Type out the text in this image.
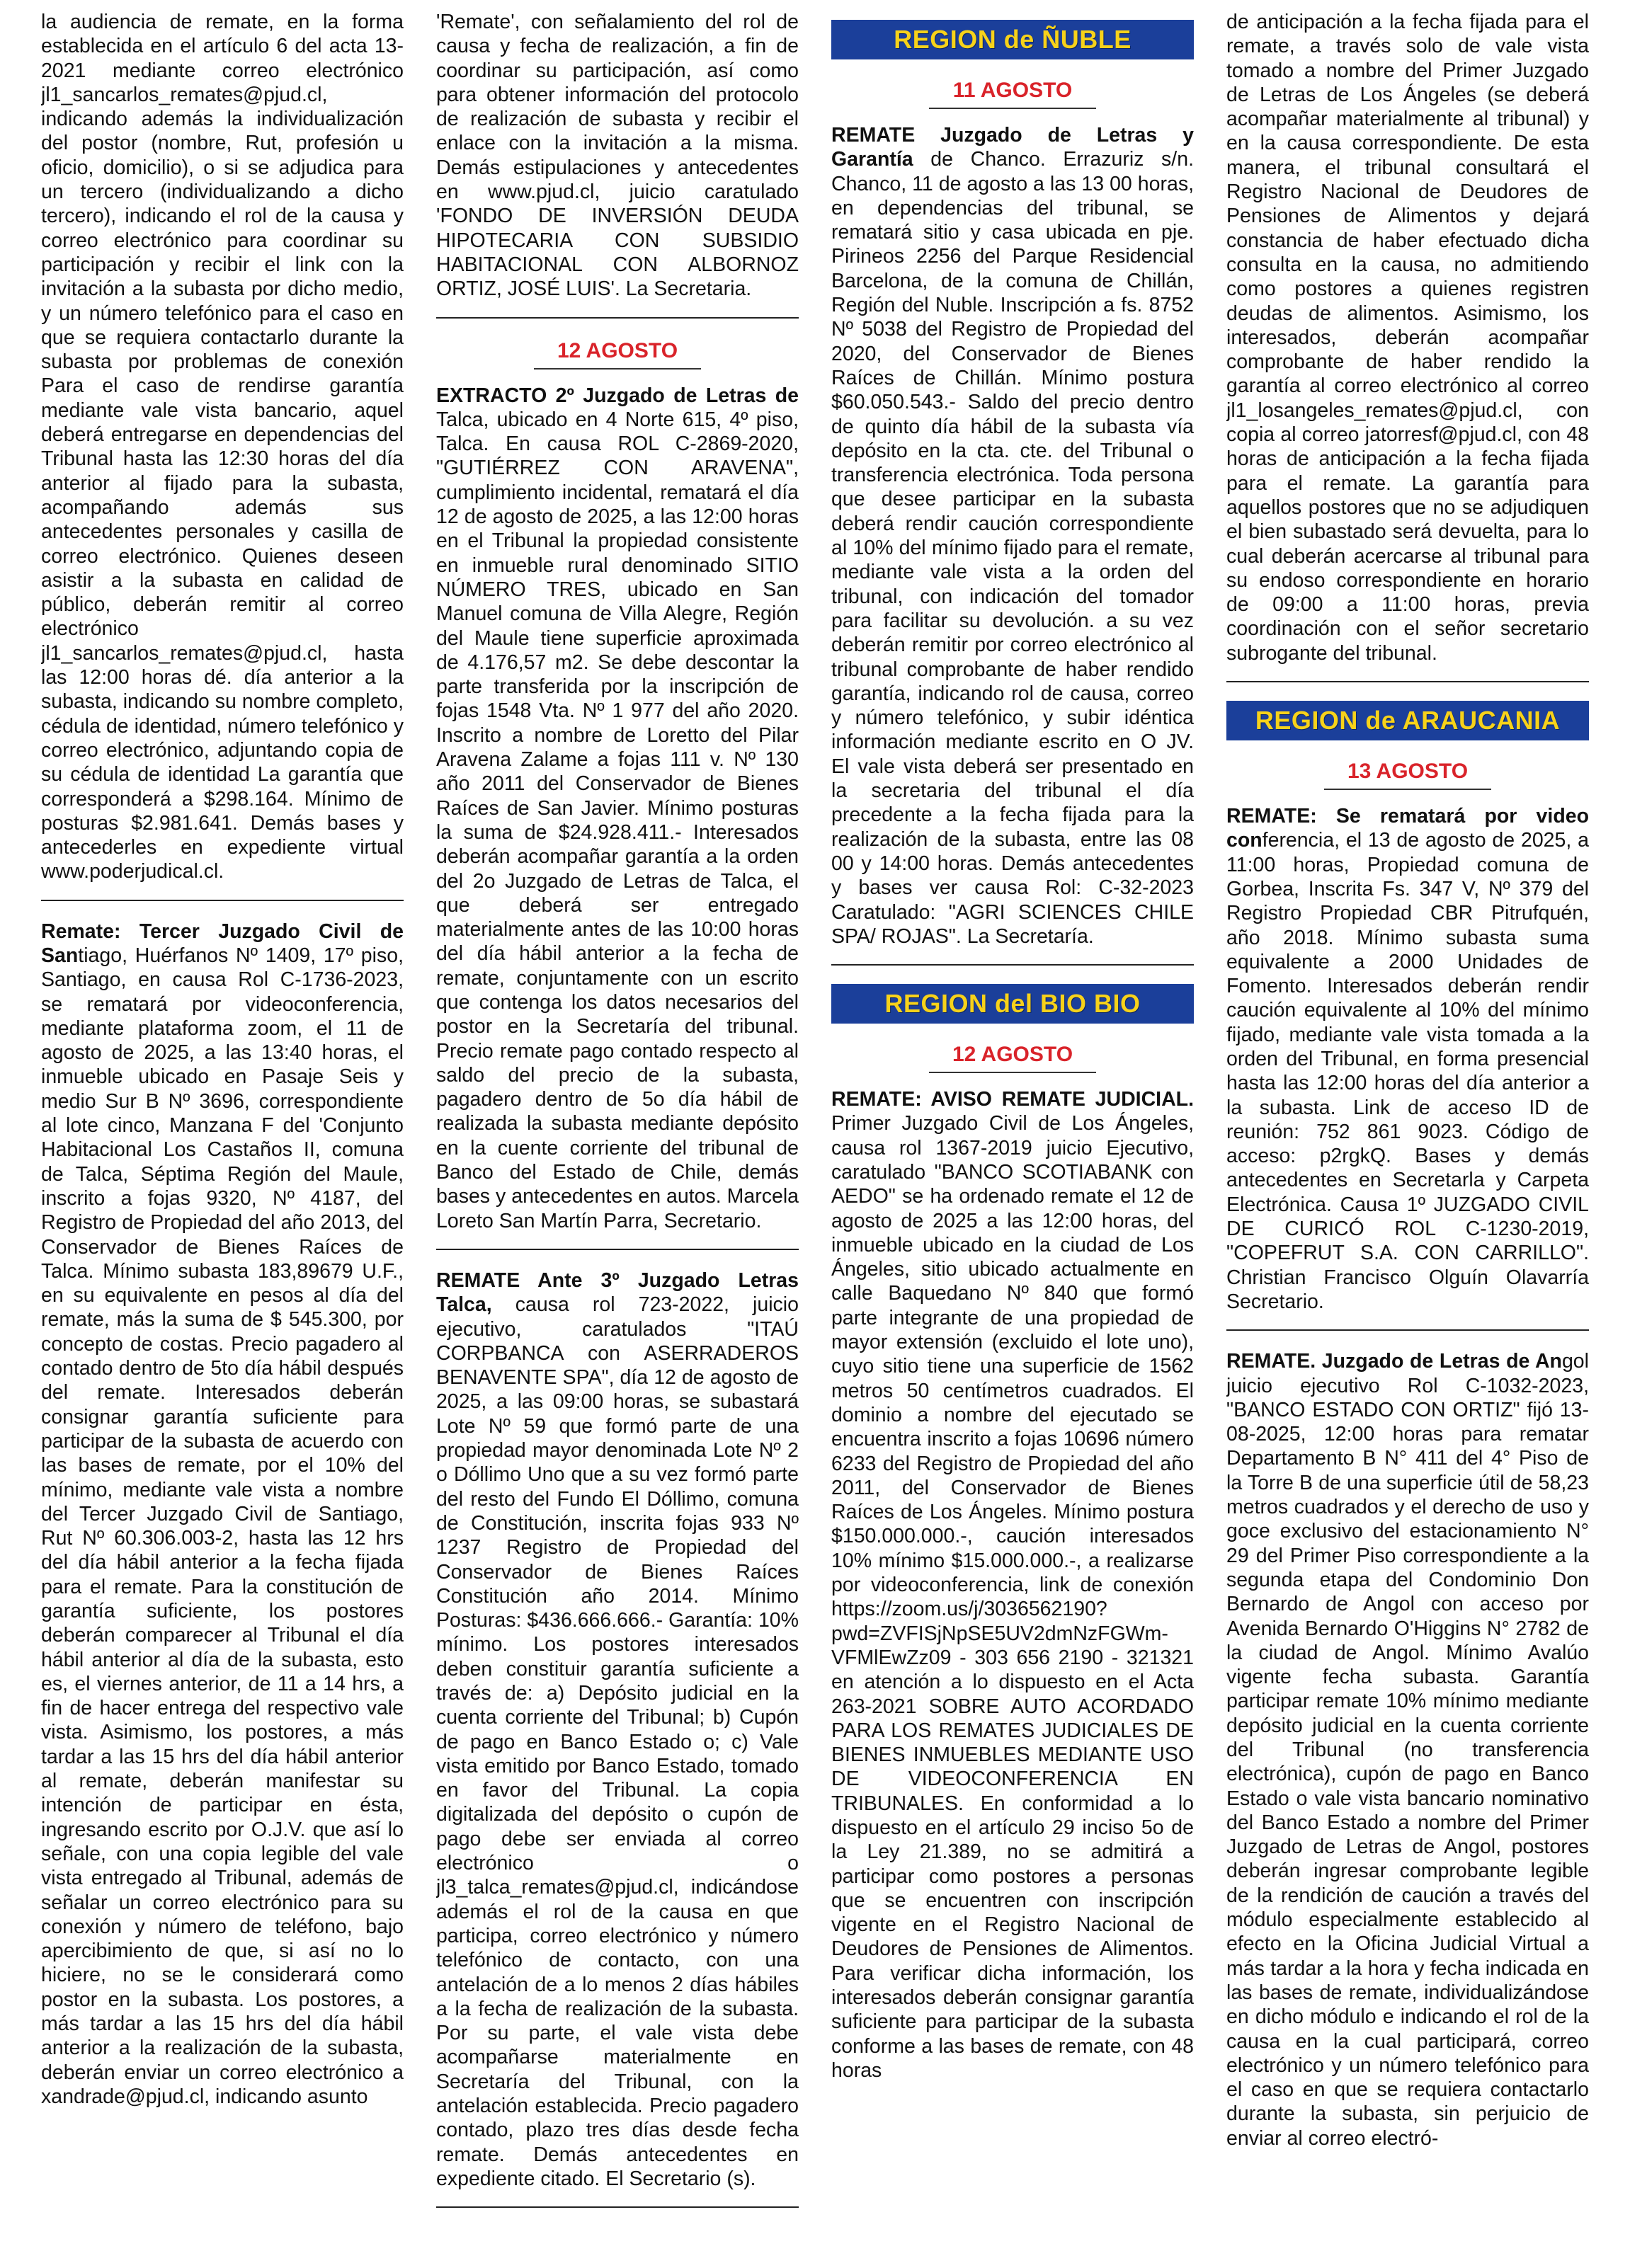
la audiencia de remate, en la forma establecida en el artículo 6 del acta 13-2021 mediante correo electrónico jl1_sancarlos_remates@pjud.cl, indicando además la individualización del postor (nombre, Rut, profesión u oficio, domicilio), o si se adjudica para un tercero (individualizando a dicho tercero), indicando el rol de la causa y correo electrónico para coordinar su participación y recibir el link con la invitación a la subasta por dicho medio, y un número telefónico para el caso en que se requiera contactarlo durante la subasta por problemas de conexión Para el caso de rendirse garantía mediante vale vista bancario, aquel deberá entregarse en dependencias del Tribunal hasta las 12:30 horas del día anterior al fijado para la subasta, acompañando además sus antecedentes personales y casilla de correo electrónico. Quienes deseen asistir a la subasta en calidad de público, deberán remitir al correo electrónico jl1_sancarlos_remates@pjud.cl, hasta las 12:00 horas dé. día anterior a la subasta, indicando su nombre completo, cédula de identidad, número telefónico y correo electrónico, adjuntando copia de su cédula de identidad La garantía que corresponderá a $298.164. Mínimo de posturas $2.981.641. Demás bases y antecederles en expediente virtual www.poderjudical.cl.

Remate: Tercer Juzgado Civil de Santiago, Huérfanos Nº 1409, 17º piso, Santiago, en causa Rol C-1736-2023, se rematará por videoconferencia, mediante plataforma zoom, el 11 de agosto de 2025, a las 13:40 horas, el inmueble ubicado en Pasaje Seis y medio Sur B Nº 3696, correspondiente al lote cinco, Manzana F del 'Conjunto Habitacional Los Castaños II, comuna de Talca, Séptima Región del Maule, inscrito a fojas 9320, Nº 4187, del Registro de Propiedad del año 2013, del Conservador de Bienes Raíces de Talca. Mínimo subasta 183,89679 U.F., en su equivalente en pesos al día del remate, más la suma de $ 545.300, por concepto de costas. Precio pagadero al contado dentro de 5to día hábil después del remate. Interesados deberán consignar garantía suficiente para participar de la subasta de acuerdo con las bases de remate, por el 10% del mínimo, mediante vale vista a nombre del Tercer Juzgado Civil de Santiago, Rut Nº 60.306.003-2, hasta las 12 hrs del día hábil anterior a la fecha fijada para el remate. Para la constitución de garantía suficiente, los postores deberán comparecer al Tribunal el día hábil anterior al día de la subasta, esto es, el viernes anterior, de 11 a 14 hrs, a fin de hacer entrega del respectivo vale vista. Asimismo, los postores, a más tardar a las 15 hrs del día hábil anterior al remate, deberán manifestar su intención de participar en ésta, ingresando escrito por O.J.V. que así lo señale, con una copia legible del vale vista entregado al Tribunal, además de señalar un correo electrónico para su conexión y número de teléfono, bajo apercibimiento de que, si así no lo hiciere, no se le considerará como postor en la subasta. Los postores, a más tardar a las 15 hrs del día hábil anterior a la realización de la subasta, deberán enviar un correo electrónico a xandrade@pjud.cl, indicando asunto

'Remate', con señalamiento del rol de causa y fecha de realización, a fin de coordinar su participación, así como para obtener información del protocolo de realización de subasta y recibir el enlace con la invitación a la misma. Demás estipulaciones y antecedentes en www.pjud.cl, juicio caratulado 'FONDO DE INVERSIÓN DEUDA HIPOTECARIA CON SUBSIDIO HABITACIONAL CON ALBORNOZ ORTIZ, JOSÉ LUIS'. La Secretaria.

12 AGOSTO

EXTRACTO 2º Juzgado de Letras de Talca, ubicado en 4 Norte 615, 4º piso, Talca. En causa ROL C-2869-2020, "GUTIÉRREZ CON ARAVENA", cumplimiento incidental, rematará el día 12 de agosto de 2025, a las 12:00 horas en el Tribunal la propiedad consistente en inmueble rural denominado SITIO NÚMERO TRES, ubicado en San Manuel comuna de Villa Alegre, Región del Maule tiene superficie aproximada de 4.176,57 m2. Se debe descontar la parte transferida por la inscripción de fojas 1548 Vta. Nº 1 977 del año 2020. Inscrito a nombre de Loretto del Pilar Aravena Zalame a fojas 111 v. Nº 130 año 2011 del Conservador de Bienes Raíces de San Javier. Mínimo posturas la suma de $24.928.411.- Interesados deberán acompañar garantía a la orden del 2o Juzgado de Letras de Talca, el que deberá ser entregado materialmente antes de las 10:00 horas del día hábil anterior a la fecha de remate, conjuntamente con un escrito que contenga los datos necesarios del postor en la Secretaría del tribunal. Precio remate pago contado respecto al saldo del precio de la subasta, pagadero dentro de 5o día hábil de realizada la subasta mediante depósito en la cuente corriente del tribunal de Banco del Estado de Chile, demás bases y antecedentes en autos. Marcela Loreto San Martín Parra, Secretario.

REMATE Ante 3º Juzgado Letras Talca, causa rol 723-2022, juicio ejecutivo, caratulados "ITAÚ CORPBANCA con ASERRADEROS BENAVENTE SPA", día 12 de agosto de 2025, a las 09:00 horas, se subastará Lote Nº 59 que formó parte de una propiedad mayor denominada Lote Nº 2 o Dóllimo Uno que a su vez formó parte del resto del Fundo El Dóllimo, comuna de Constitución, inscrita fojas 933 Nº 1237 Registro de Propiedad del Conservador de Bienes Raíces Constitución año 2014. Mínimo Posturas: $436.666.666.- Garantía: 10% mínimo. Los postores interesados deben constituir garantía suficiente a través de: a) Depósito judicial en la cuenta corriente del Tribunal; b) Cupón de pago en Banco Estado o; c) Vale vista emitido por Banco Estado, tomado en favor del Tribunal. La copia digitalizada del depósito o cupón de pago debe ser enviada al correo electrónico o jl3_talca_remates@pjud.cl, indicándose además el rol de la causa en que participa, correo electrónico y número telefónico de contacto, con una antelación de a lo menos 2 días hábiles a la fecha de realización de la subasta. Por su parte, el vale vista debe acompañarse materialmente en Secretaría del Tribunal, con la antelación establecida. Precio pagadero contado, plazo tres días desde fecha remate. Demás antecedentes en expediente citado. El Secretario (s).

REGION de ÑUBLE
11 AGOSTO

REMATE Juzgado de Letras y Garantía de Chanco. Errazuriz s/n. Chanco, 11 de agosto a las 13 00 horas, en dependencias del tribunal, se rematará sitio y casa ubicada en pje. Pirineos 2256 del Parque Residencial Barcelona, de la comuna de Chillán, Región del Nuble. Inscripción a fs. 8752 Nº 5038 del Registro de Propiedad del 2020, del Conservador de Bienes Raíces de Chillán. Mínimo postura $60.050.543.- Saldo del precio dentro de quinto día hábil de la subasta vía depósito en la cta. cte. del Tribunal o transferencia electrónica. Toda persona que desee participar en la subasta deberá rendir caución correspondiente al 10% del mínimo fijado para el remate, mediante vale vista a la orden del tribunal, con indicación del tomador para facilitar su devolución. a su vez deberán remitir por correo electrónico al tribunal comprobante de haber rendido garantía, indicando rol de causa, correo y número telefónico, y subir idéntica información mediante escrito en O JV. El vale vista deberá ser presentado en la secretaria del tribunal el día precedente a la fecha fijada para la realización de la subasta, entre las 08 00 y 14:00 horas. Demás antecedentes y bases ver causa Rol: C-32-2023 Caratulado: "AGRI SCIENCES CHILE SPA/ ROJAS". La Secretaría.

REGION del BIO BIO
12 AGOSTO

REMATE: AVISO REMATE JUDICIAL. Primer Juzgado Civil de Los Ángeles, causa rol 1367-2019 juicio Ejecutivo, caratulado "BANCO SCOTIABANK con AEDO" se ha ordenado remate el 12 de agosto de 2025 a las 12:00 horas, del inmueble ubicado en la ciudad de Los Ángeles, sitio ubicado actualmente en calle Baquedano Nº 840 que formó parte integrante de una propiedad de mayor extensión (excluido el lote uno), cuyo sitio tiene una superficie de 1562 metros 50 centímetros cuadrados. El dominio a nombre del ejecutado se encuentra inscrito a fojas 10696 número 6233 del Registro de Propiedad del año 2011, del Conservador de Bienes Raíces de Los Ángeles. Mínimo postura $150.000.000.-, caución interesados 10% mínimo $15.000.000.-, a realizarse por videoconferencia, link de conexión https://zoom.us/j/3036562190?pwd=ZVFISjNpSE5UV2dmNzFGWm-VFMlEwZz09 - 303 656 2190 - 321321 en atención a lo dispuesto en el Acta 263-2021 SOBRE AUTO ACORDADO PARA LOS REMATES JUDICIALES DE BIENES INMUEBLES MEDIANTE USO DE VIDEOCONFERENCIA EN TRIBUNALES. En conformidad a lo dispuesto en el artículo 29 inciso 5o de la Ley 21.389, no se admitirá a participar como postores a personas que se encuentren con inscripción vigente en el Registro Nacional de Deudores de Pensiones de Alimentos. Para verificar dicha información, los interesados deberán consignar garantía suficiente para participar de la subasta conforme a las bases de remate, con 48 horas

de anticipación a la fecha fijada para el remate, a través solo de vale vista tomado a nombre del Primer Juzgado de Letras de Los Ángeles (se deberá acompañar materialmente al tribunal) y en la causa correspondiente. De esta manera, el tribunal consultará el Registro Nacional de Deudores de Pensiones de Alimentos y dejará constancia de haber efectuado dicha consulta en la causa, no admitiendo como postores a quienes registren deudas de alimentos. Asimismo, los interesados, deberán acompañar comprobante de haber rendido la garantía al correo electrónico al correo jl1_losangeles_remates@pjud.cl, con copia al correo jatorresf@pjud.cl, con 48 horas de anticipación a la fecha fijada para el remate. La garantía para aquellos postores que no se adjudiquen el bien subastado será devuelta, para lo cual deberán acercarse al tribunal para su endoso correspondiente en horario de 09:00 a 11:00 horas, previa coordinación con el señor secretario subrogante del tribunal.

REGION de ARAUCANIA
13 AGOSTO

REMATE: Se rematará por video conferencia, el 13 de agosto de 2025, a 11:00 horas, Propiedad comuna de Gorbea, Inscrita Fs. 347 V, Nº 379 del Registro Propiedad CBR Pitrufquén, año 2018. Mínimo subasta suma equivalente a 2000 Unidades de Fomento. Interesados deberán rendir caución equivalente al 10% del mínimo fijado, mediante vale vista tomada a la orden del Tribunal, en forma presencial hasta las 12:00 horas del día anterior a la subasta. Link de acceso ID de reunión: 752 861 9023. Código de acceso: p2rgkQ. Bases y demás antecedentes en Secretarla y Carpeta Electrónica. Causa 1º JUZGADO CIVIL DE CURICÓ ROL C-1230-2019, "COPEFRUT S.A. CON CARRILLO". Christian Francisco Olguín Olavarría Secretario.

REMATE. Juzgado de Letras de Angol juicio ejecutivo Rol C-1032-2023, "BANCO ESTADO CON ORTIZ" fijó 13-08-2025, 12:00 horas para rematar Departamento B N° 411 del 4° Piso de la Torre B de una superficie útil de 58,23 metros cuadrados y el derecho de uso y goce exclusivo del estacionamiento N° 29 del Primer Piso correspondiente a la segunda etapa del Condominio Don Bernardo de Angol con acceso por Avenida Bernardo O'Higgins N° 2782 de la ciudad de Angol. Mínimo Avalúo vigente fecha subasta. Garantía participar remate 10% mínimo mediante depósito judicial en la cuenta corriente del Tribunal (no transferencia electrónica), cupón de pago en Banco Estado o vale vista bancario nominativo del Banco Estado a nombre del Primer Juzgado de Letras de Angol, postores deberán ingresar comprobante legible de la rendición de caución a través del módulo especialmente establecido al efecto en la Oficina Judicial Virtual a más tardar a la hora y fecha indicada en las bases de remate, individualizándose en dicho módulo e indicando el rol de la causa en la cual participará, correo electrónico y un número telefónico para el caso en que se requiera contactarlo durante la subasta, sin perjuicio de enviar al correo electró-
